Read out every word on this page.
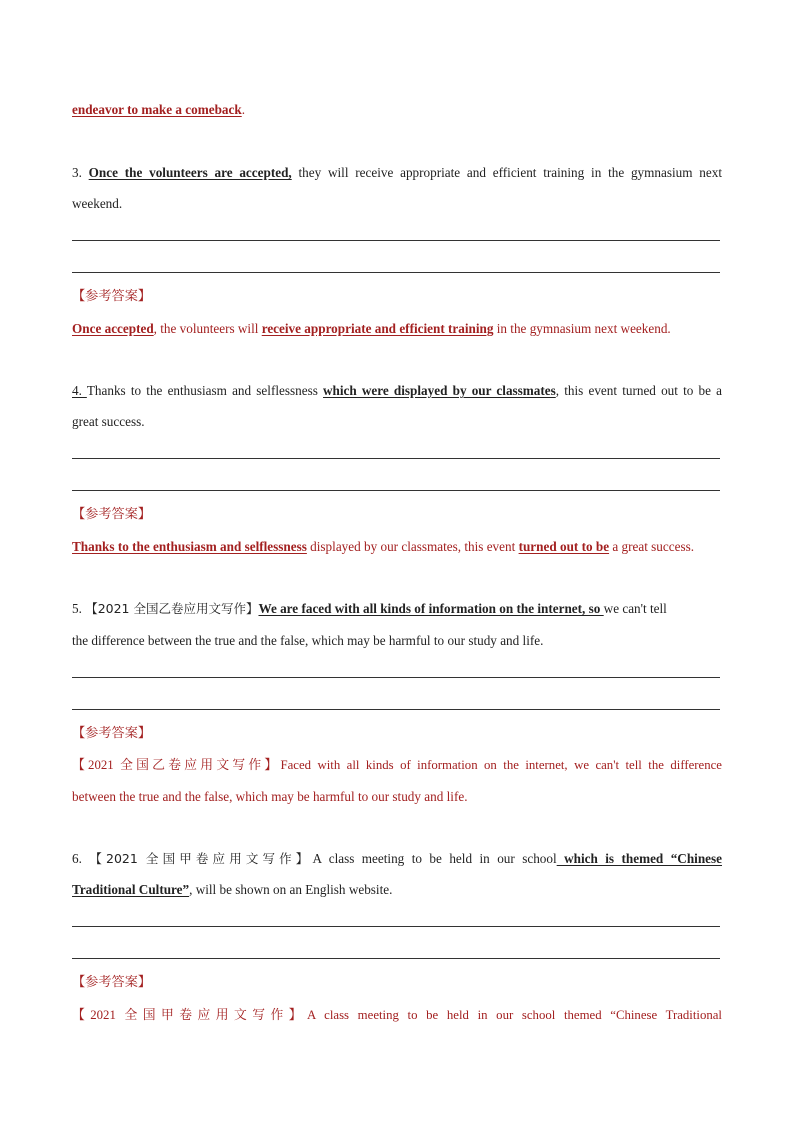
endeavor to make a comeback.
3. Once the volunteers are accepted, they will receive appropriate and efficient training in the gymnasium next
weekend.
【参考答案】
Once accepted, the volunteers will receive appropriate and efficient training in the gymnasium next weekend.
4. Thanks to the enthusiasm and selflessness which were displayed by our classmates, this event turned out to be a
great success.
【参考答案】
Thanks to the enthusiasm and selflessness displayed by our classmates, this event turned out to be a great success.
5. 【2021 全国乙卷应用文写作】We are faced with all kinds of information on the internet, so we can't tell
the difference between the true and the false, which may be harmful to our study and life.
【参考答案】
【2021 全国乙卷应用文写作】Faced with all kinds of information on the internet, we can't tell the difference
between the true and the false, which may be harmful to our study and life.
6. 【2021 全国甲卷应用文写作】A class meeting to be held in our school which is themed “Chinese
Traditional Culture”, will be shown on an English website.
【参考答案】
【2021 全国甲卷应用文写作】A class meeting to be held in our school themed “Chinese Traditional
